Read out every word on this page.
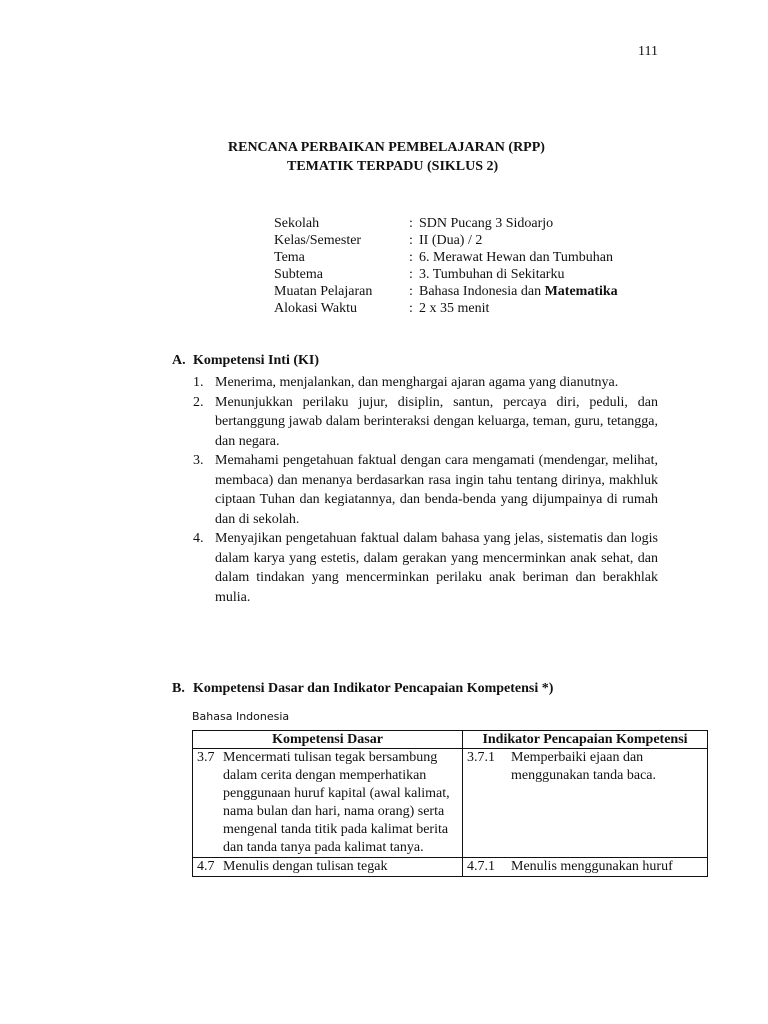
111
RENCANA PERBAIKAN PEMBELAJARAN (RPP)
TEMATIK TERPADU (SIKLUS 2)
Sekolah	: SDN Pucang 3 Sidoarjo
Kelas/Semester	: II (Dua) / 2
Tema	: 6. Merawat Hewan dan Tumbuhan
Subtema	: 3. Tumbuhan di Sekitarku
Muatan Pelajaran	: Bahasa Indonesia dan Matematika
Alokasi Waktu	: 2 x 35 menit
A. Kompetensi Inti (KI)
1. Menerima, menjalankan, dan menghargai ajaran agama yang dianutnya.
2. Menunjukkan perilaku jujur, disiplin, santun, percaya diri, peduli, dan bertanggung jawab dalam berinteraksi dengan keluarga, teman, guru, tetangga, dan negara.
3. Memahami pengetahuan faktual dengan cara mengamati (mendengar, melihat, membaca) dan menanya berdasarkan rasa ingin tahu tentang dirinya, makhluk ciptaan Tuhan dan kegiatannya, dan benda-benda yang dijumpainya di rumah dan di sekolah.
4. Menyajikan pengetahuan faktual dalam bahasa yang jelas, sistematis dan logis dalam karya yang estetis, dalam gerakan yang mencerminkan anak sehat, dan dalam tindakan yang mencerminkan perilaku anak beriman dan berakhlak mulia.
B. Kompetensi Dasar dan Indikator Pencapaian Kompetensi *)
Bahasa Indonesia
Kompetensi Dasar	Indikator Pencapaian Kompetensi

3.7 Mencermati tulisan tegak bersambung dalam cerita dengan memperhatikan penggunaan huruf kapital (awal kalimat, nama bulan dan hari, nama orang) serta mengenal tanda titik pada kalimat berita dan tanda tanya pada kalimat tanya.	3.7.1 Memperbaiki ejaan dan menggunakan tanda baca.

4.7 Menulis dengan tulisan tegak	4.7.1 Menulis menggunakan huruf
